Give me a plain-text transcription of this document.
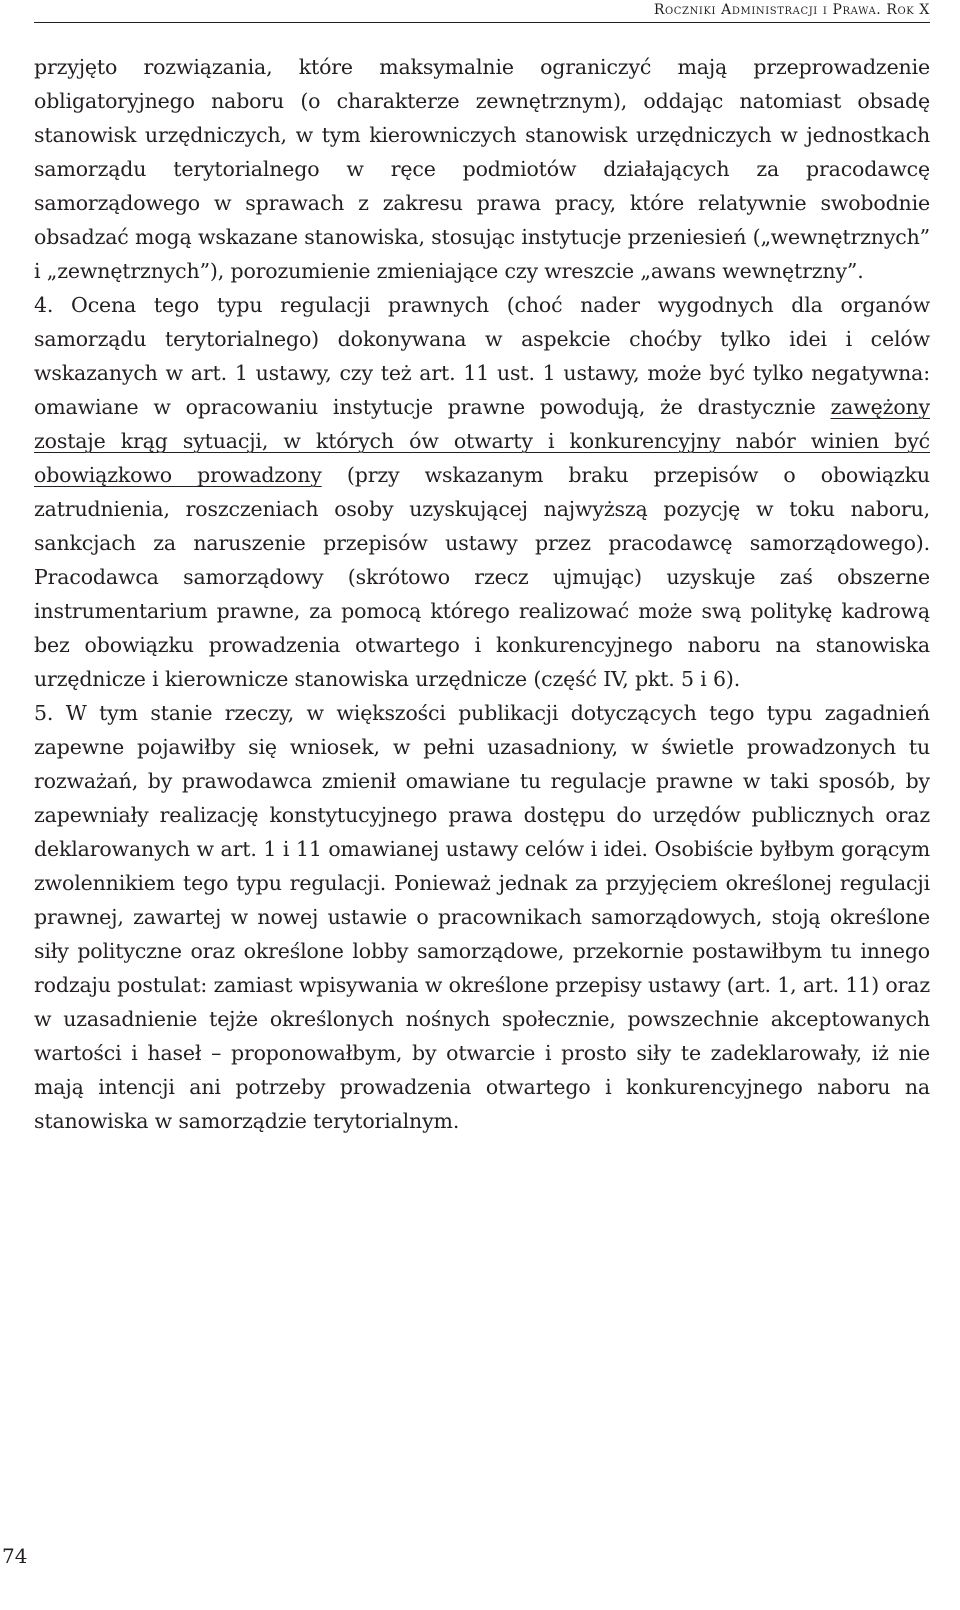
Roczniki Administracji i Prawa. Rok X

przyjęto rozwiązania, które maksymalnie ograniczyć mają przeprowadzenie obligatoryjnego naboru (o charakterze zewnętrznym), oddając natomiast obsadę stanowisk urzędniczych, w tym kierowniczych stanowisk urzędniczych w jednostkach samorządu terytorialnego w ręce podmiotów działających za pracodawcę samorządowego w sprawach z zakresu prawa pracy, które relatywnie swobodnie obsadzać mogą wskazane stanowiska, stosując instytucje przeniesień („wewnętrznych” i „zewnętrznych”), porozumienie zmieniające czy wreszcie „awans wewnętrzny”.

4. Ocena tego typu regulacji prawnych (choć nader wygodnych dla organów samorządu terytorialnego) dokonywana w aspekcie choćby tylko idei i celów wskazanych w art. 1 ustawy, czy też art. 11 ust. 1 ustawy, może być tylko negatywna: omawiane w opracowaniu instytucje prawne powodują, że drastycznie zawężony zostaje krąg sytuacji, w których ów otwarty i konkurencyjny nabór winien być obowiązkowo prowadzony (przy wskazanym braku przepisów o obowiązku zatrudnienia, roszczeniach osoby uzyskującej najwyższą pozycję w toku naboru, sankcjach za naruszenie przepisów ustawy przez pracodawcę samorządowego). Pracodawca samorządowy (skrótowo rzecz ujmując) uzyskuje zaś obszerne instrumentarium prawne, za pomocą którego realizować może swą politykę kadrową bez obowiązku prowadzenia otwartego i konkurencyjnego naboru na stanowiska urzędnicze i kierownicze stanowiska urzędnicze (część IV, pkt. 5 i 6).

5. W tym stanie rzeczy, w większości publikacji dotyczących tego typu zagadnień zapewne pojawiłby się wniosek, w pełni uzasadniony, w świetle prowadzonych tu rozważań, by prawodawca zmienił omawiane tu regulacje prawne w taki sposób, by zapewniały realizację konstytucyjnego prawa dostępu do urzędów publicznych oraz deklarowanych w art. 1 i 11 omawianej ustawy celów i idei. Osobiście byłbym gorącym zwolennikiem tego typu regulacji. Ponieważ jednak za przyjęciem określonej regulacji prawnej, zawartej w nowej ustawie o pracownikach samorządowych, stoją określone siły polityczne oraz określone lobby samorządowe, przekornie postawiłbym tu innego rodzaju postulat: zamiast wpisywania w określone przepisy ustawy (art. 1, art. 11) oraz w uzasadnienie tejże określonych nośnych społecznie, powszechnie akceptowanych wartości i haseł – proponowałbym, by otwarcie i prosto siły te zadeklarowały, iż nie mają intencji ani potrzeby prowadzenia otwartego i konkurencyjnego naboru na stanowiska w samorządzie terytorialnym.

74
